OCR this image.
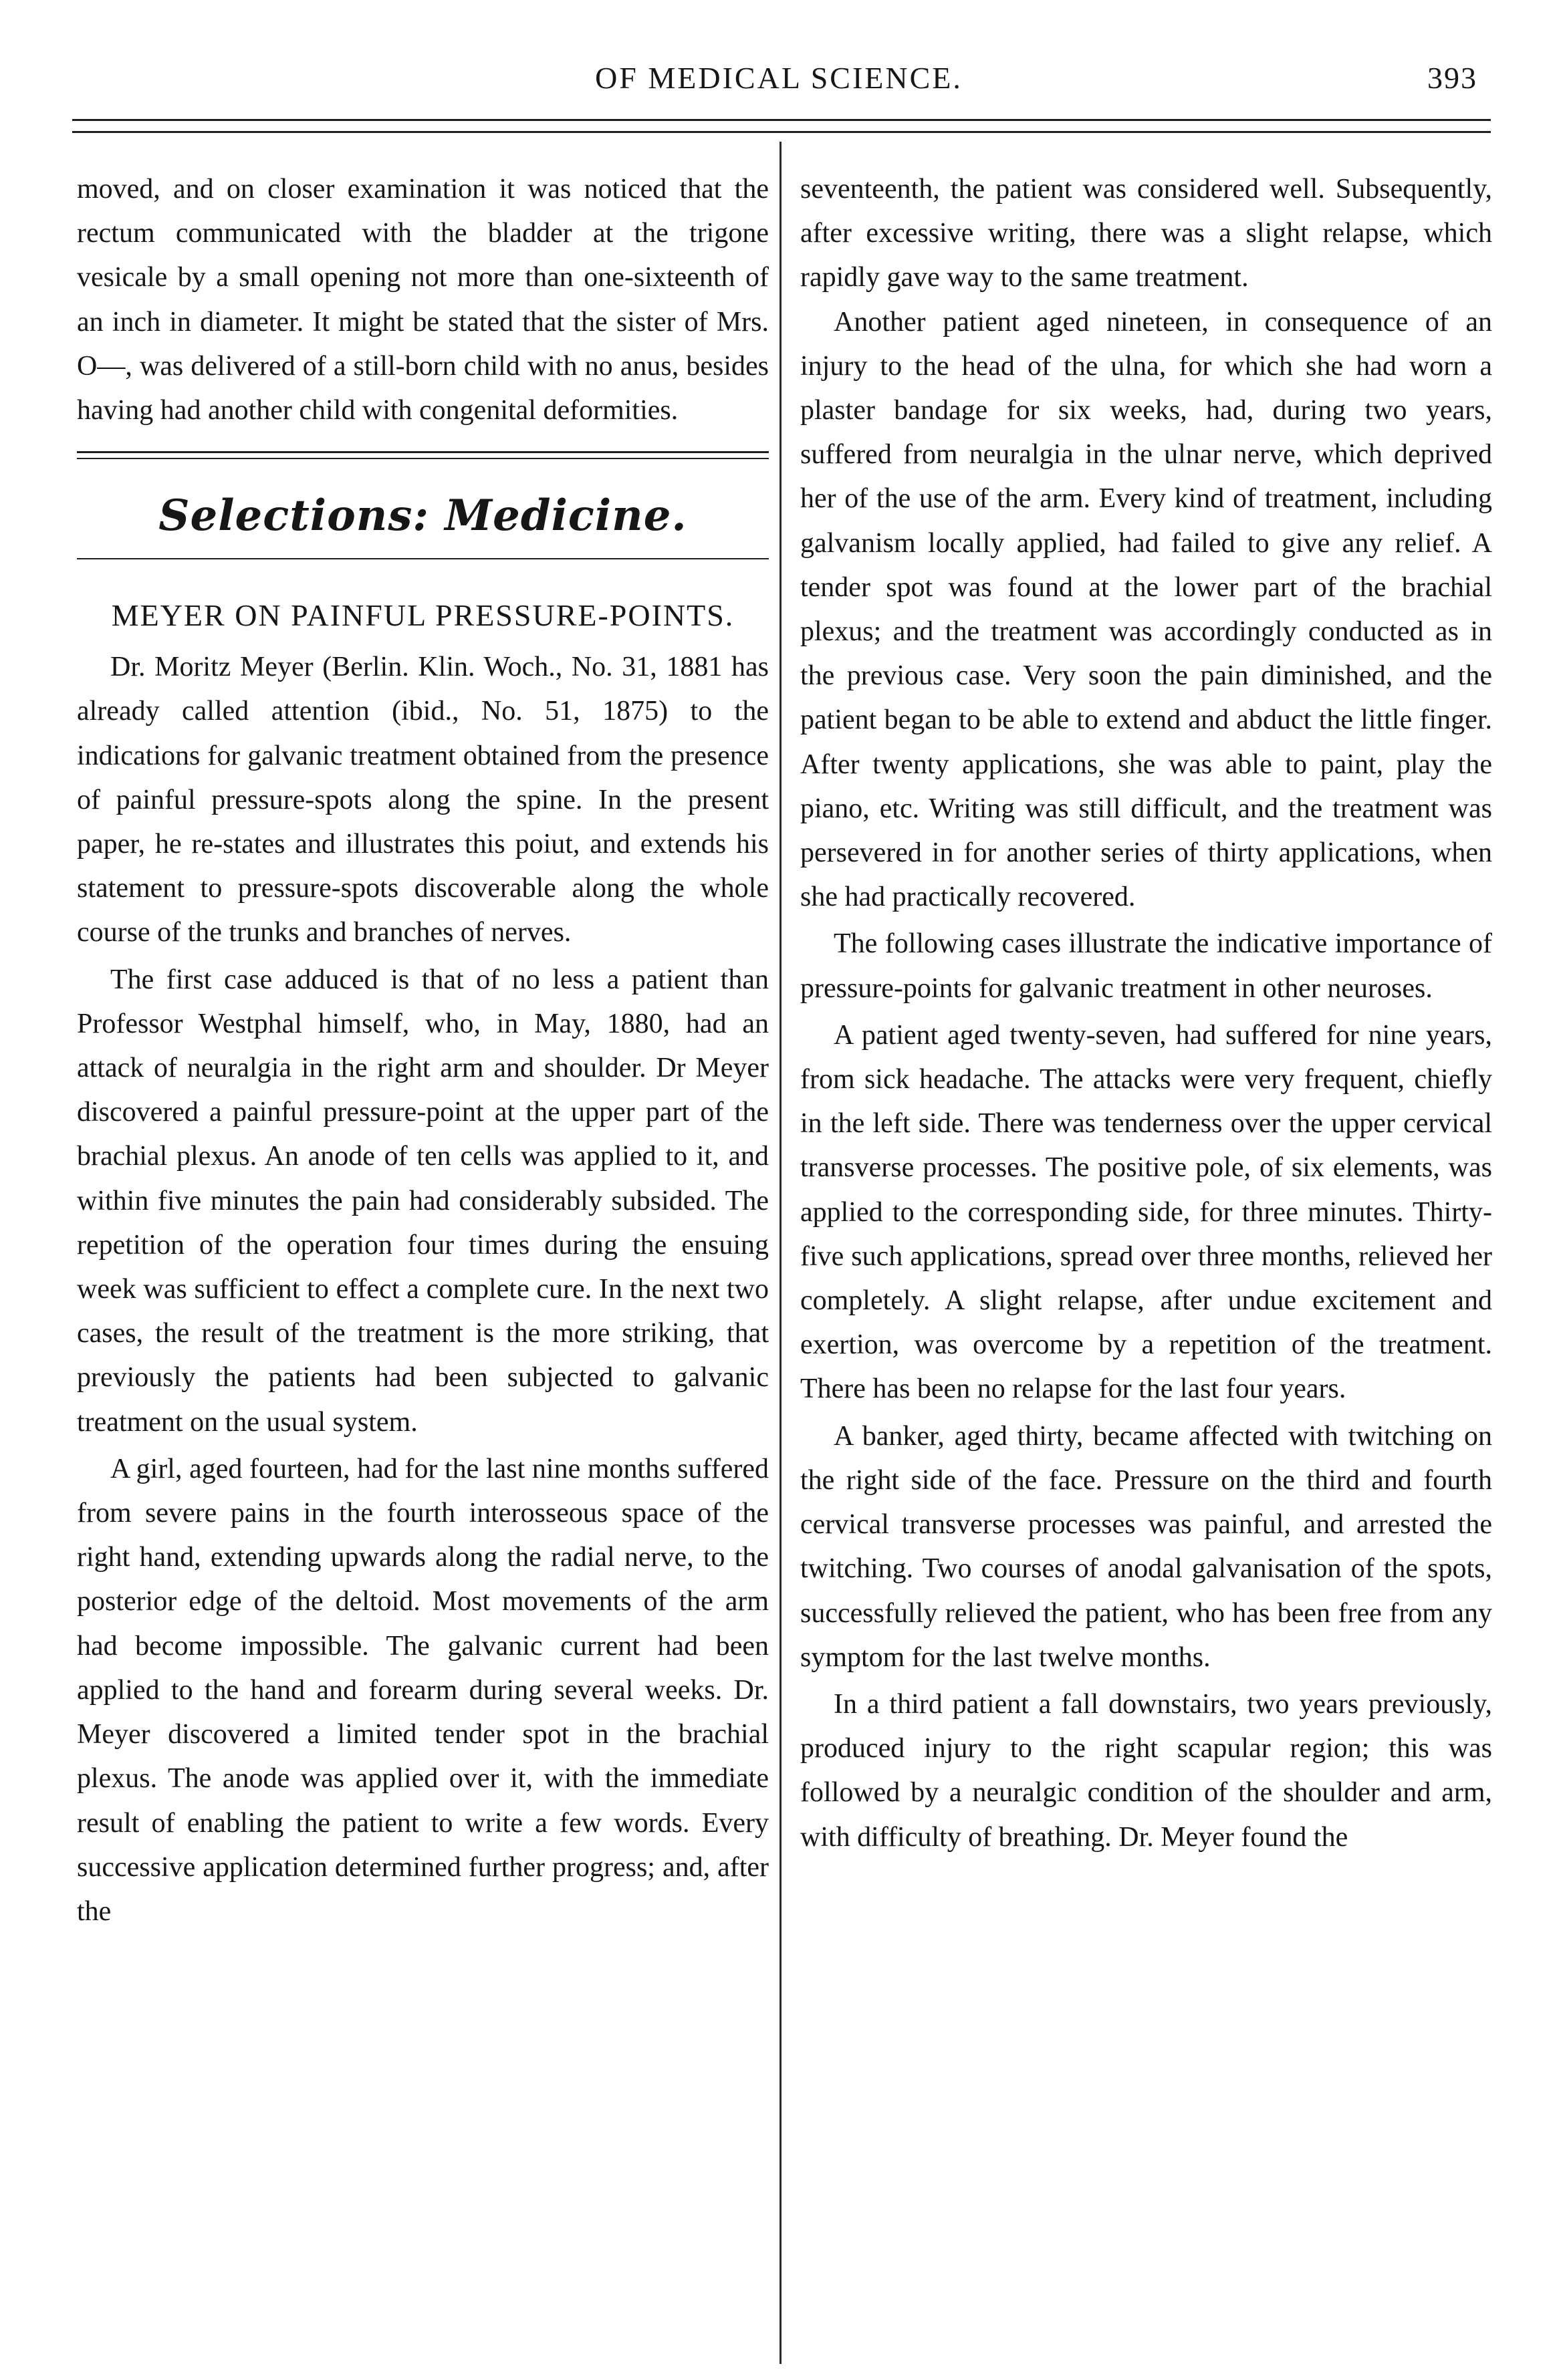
OF MEDICAL SCIENCE.	393

moved, and on closer examination it was noticed that the rectum communicated with the bladder at the trigone vesicale by a small opening not more than one-sixteenth of an inch in diameter. It might be stated that the sister of Mrs. O—, was delivered of a still-born child with no anus, besides having had another child with congenital deformities.

Selections: Medicine.
MEYER ON PAINFUL PRESSURE-POINTS.

Dr. Moritz Meyer (Berlin. Klin. Woch., No. 31, 1881 has already called attention (ibid., No. 51, 1875) to the indications for galvanic treatment obtained from the presence of painful pressure-spots along the spine. In the present paper, he re-states and illustrates this poiut, and extends his statement to pressure-spots discoverable along the whole course of the trunks and branches of nerves.

The first case adduced is that of no less a patient than Professor Westphal himself, who, in May, 1880, had an attack of neuralgia in the right arm and shoulder. Dr Meyer discovered a painful pressure-point at the upper part of the brachial plexus. An anode of ten cells was applied to it, and within five minutes the pain had considerably subsided. The repetition of the operation four times during the ensuing week was sufficient to effect a complete cure. In the next two cases, the result of the treatment is the more striking, that previously the patients had been subjected to galvanic treatment on the usual system.

A girl, aged fourteen, had for the last nine months suffered from severe pains in the fourth interosseous space of the right hand, extending upwards along the radial nerve, to the posterior edge of the deltoid. Most movements of the arm had become impossible. The galvanic current had been applied to the hand and forearm during several weeks. Dr. Meyer discovered a limited tender spot in the brachial plexus. The anode was applied over it, with the immediate result of enabling the patient to write a few words. Every successive application determined further progress; and, after the

seventeenth, the patient was considered well. Subsequently, after excessive writing, there was a slight relapse, which rapidly gave way to the same treatment.

Another patient aged nineteen, in consequence of an injury to the head of the ulna, for which she had worn a plaster bandage for six weeks, had, during two years, suffered from neuralgia in the ulnar nerve, which deprived her of the use of the arm. Every kind of treatment, including galvanism locally applied, had failed to give any relief. A tender spot was found at the lower part of the brachial plexus; and the treatment was accordingly conducted as in the previous case. Very soon the pain diminished, and the patient began to be able to extend and abduct the little finger. After twenty applications, she was able to paint, play the piano, etc. Writing was still difficult, and the treatment was persevered in for another series of thirty applications, when she had practically recovered.

The following cases illustrate the indicative importance of pressure-points for galvanic treatment in other neuroses.

A patient aged twenty-seven, had suffered for nine years, from sick headache. The attacks were very frequent, chiefly in the left side. There was tenderness over the upper cervical transverse processes. The positive pole, of six elements, was applied to the corresponding side, for three minutes. Thirty-five such applications, spread over three months, relieved her completely. A slight relapse, after undue excitement and exertion, was overcome by a repetition of the treatment. There has been no relapse for the last four years.

A banker, aged thirty, became affected with twitching on the right side of the face. Pressure on the third and fourth cervical transverse processes was painful, and arrested the twitching. Two courses of anodal galvanisation of the spots, successfully relieved the patient, who has been free from any symptom for the last twelve months.

In a third patient a fall downstairs, two years previously, produced injury to the right scapular region; this was followed by a neuralgic condition of the shoulder and arm, with difficulty of breathing. Dr. Meyer found the
